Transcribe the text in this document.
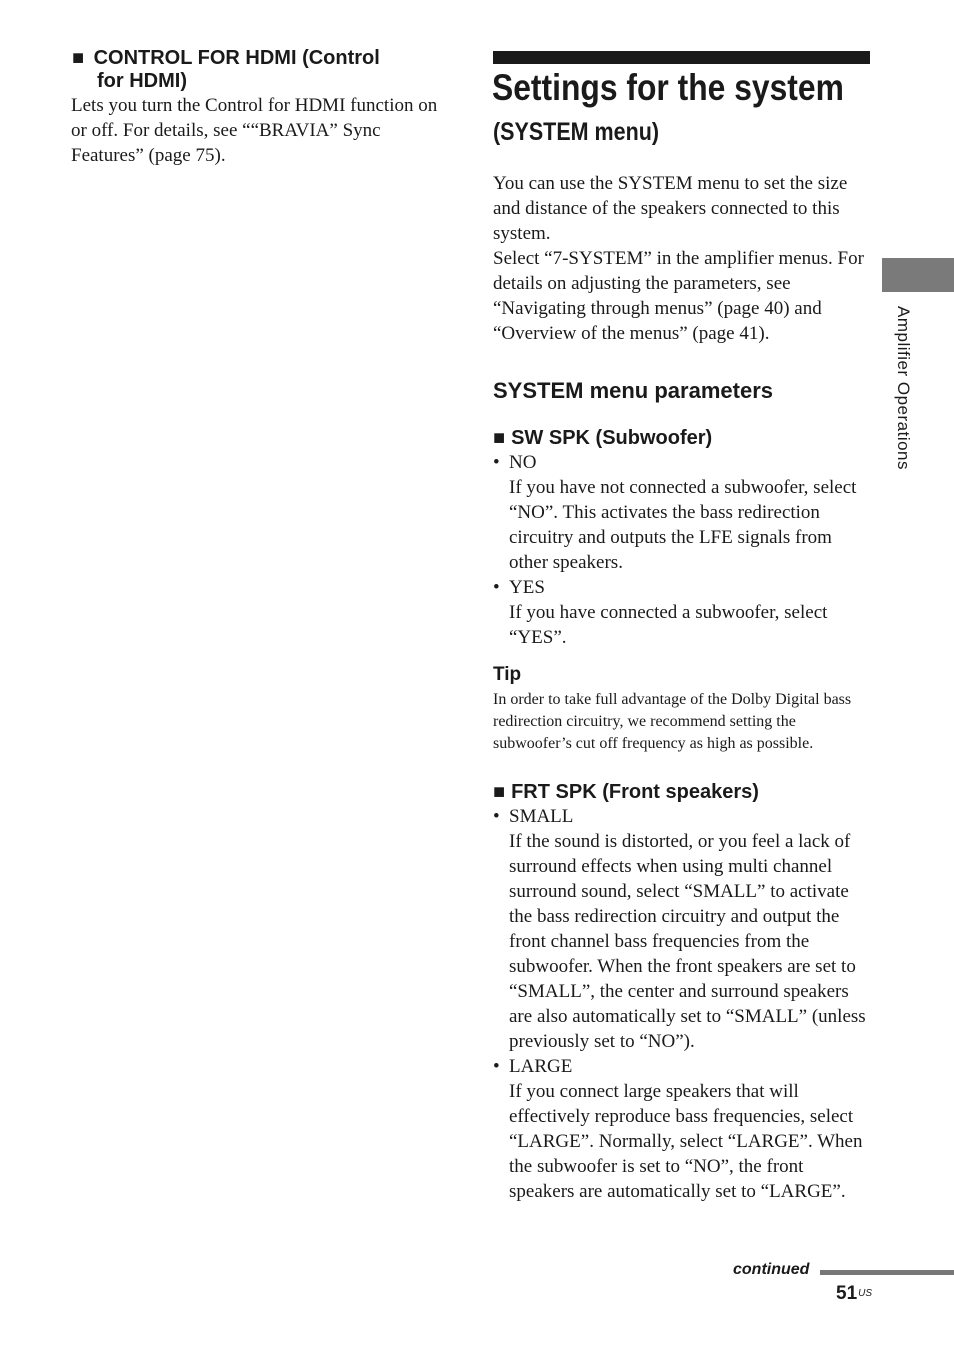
■ CONTROL FOR HDMI (Control
for HDMI)
Lets you turn the Control for HDMI function on or off. For details, see ““BRAVIA” Sync Features” (page 75).
Settings for the system
(SYSTEM menu)
You can use the SYSTEM menu to set the size and distance of the speakers connected to this system.
Select “7-SYSTEM” in the amplifier menus. For details on adjusting the parameters, see “Navigating through menus” (page 40) and “Overview of the menus” (page 41).
SYSTEM menu parameters
■ SW SPK (Subwoofer)
• NO
If you have not connected a subwoofer, select “NO”. This activates the bass redirection circuitry and outputs the LFE signals from other speakers.
• YES
If you have connected a subwoofer, select “YES”.
Tip
In order to take full advantage of the Dolby Digital bass redirection circuitry, we recommend setting the subwoofer’s cut off frequency as high as possible.
■ FRT SPK (Front speakers)
• SMALL
If the sound is distorted, or you feel a lack of surround effects when using multi channel surround sound, select “SMALL” to activate the bass redirection circuitry and output the front channel bass frequencies from the subwoofer. When the front speakers are set to “SMALL”, the center and surround speakers are also automatically set to “SMALL” (unless previously set to “NO”).
• LARGE
If you connect large speakers that will effectively reproduce bass frequencies, select “LARGE”. Normally, select “LARGE”. When the subwoofer is set to “NO”, the front speakers are automatically set to “LARGE”.
Amplifier Operations
continued
$51^{US}$
